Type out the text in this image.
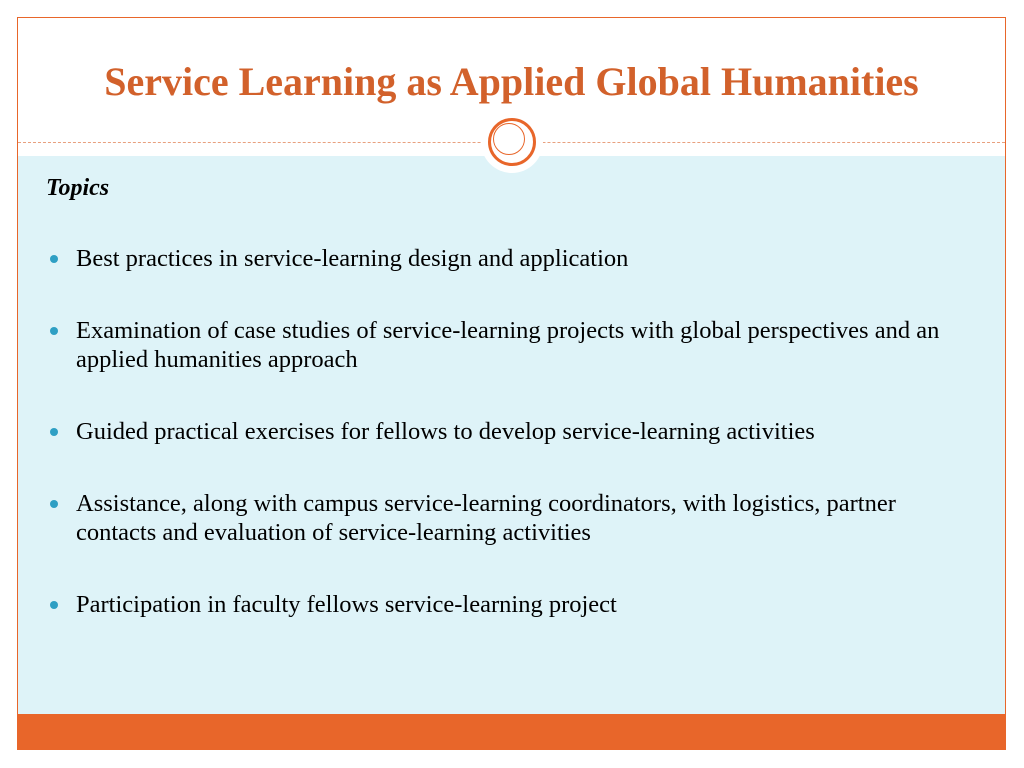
Service Learning as Applied Global Humanities
Topics
Best practices in service-learning design and application
Examination of case studies of service-learning projects with global perspectives and an applied humanities approach
Guided practical exercises for fellows to develop service-learning activities
Assistance, along with campus service-learning coordinators, with logistics, partner contacts and evaluation of service-learning activities
Participation in faculty fellows service-learning project
